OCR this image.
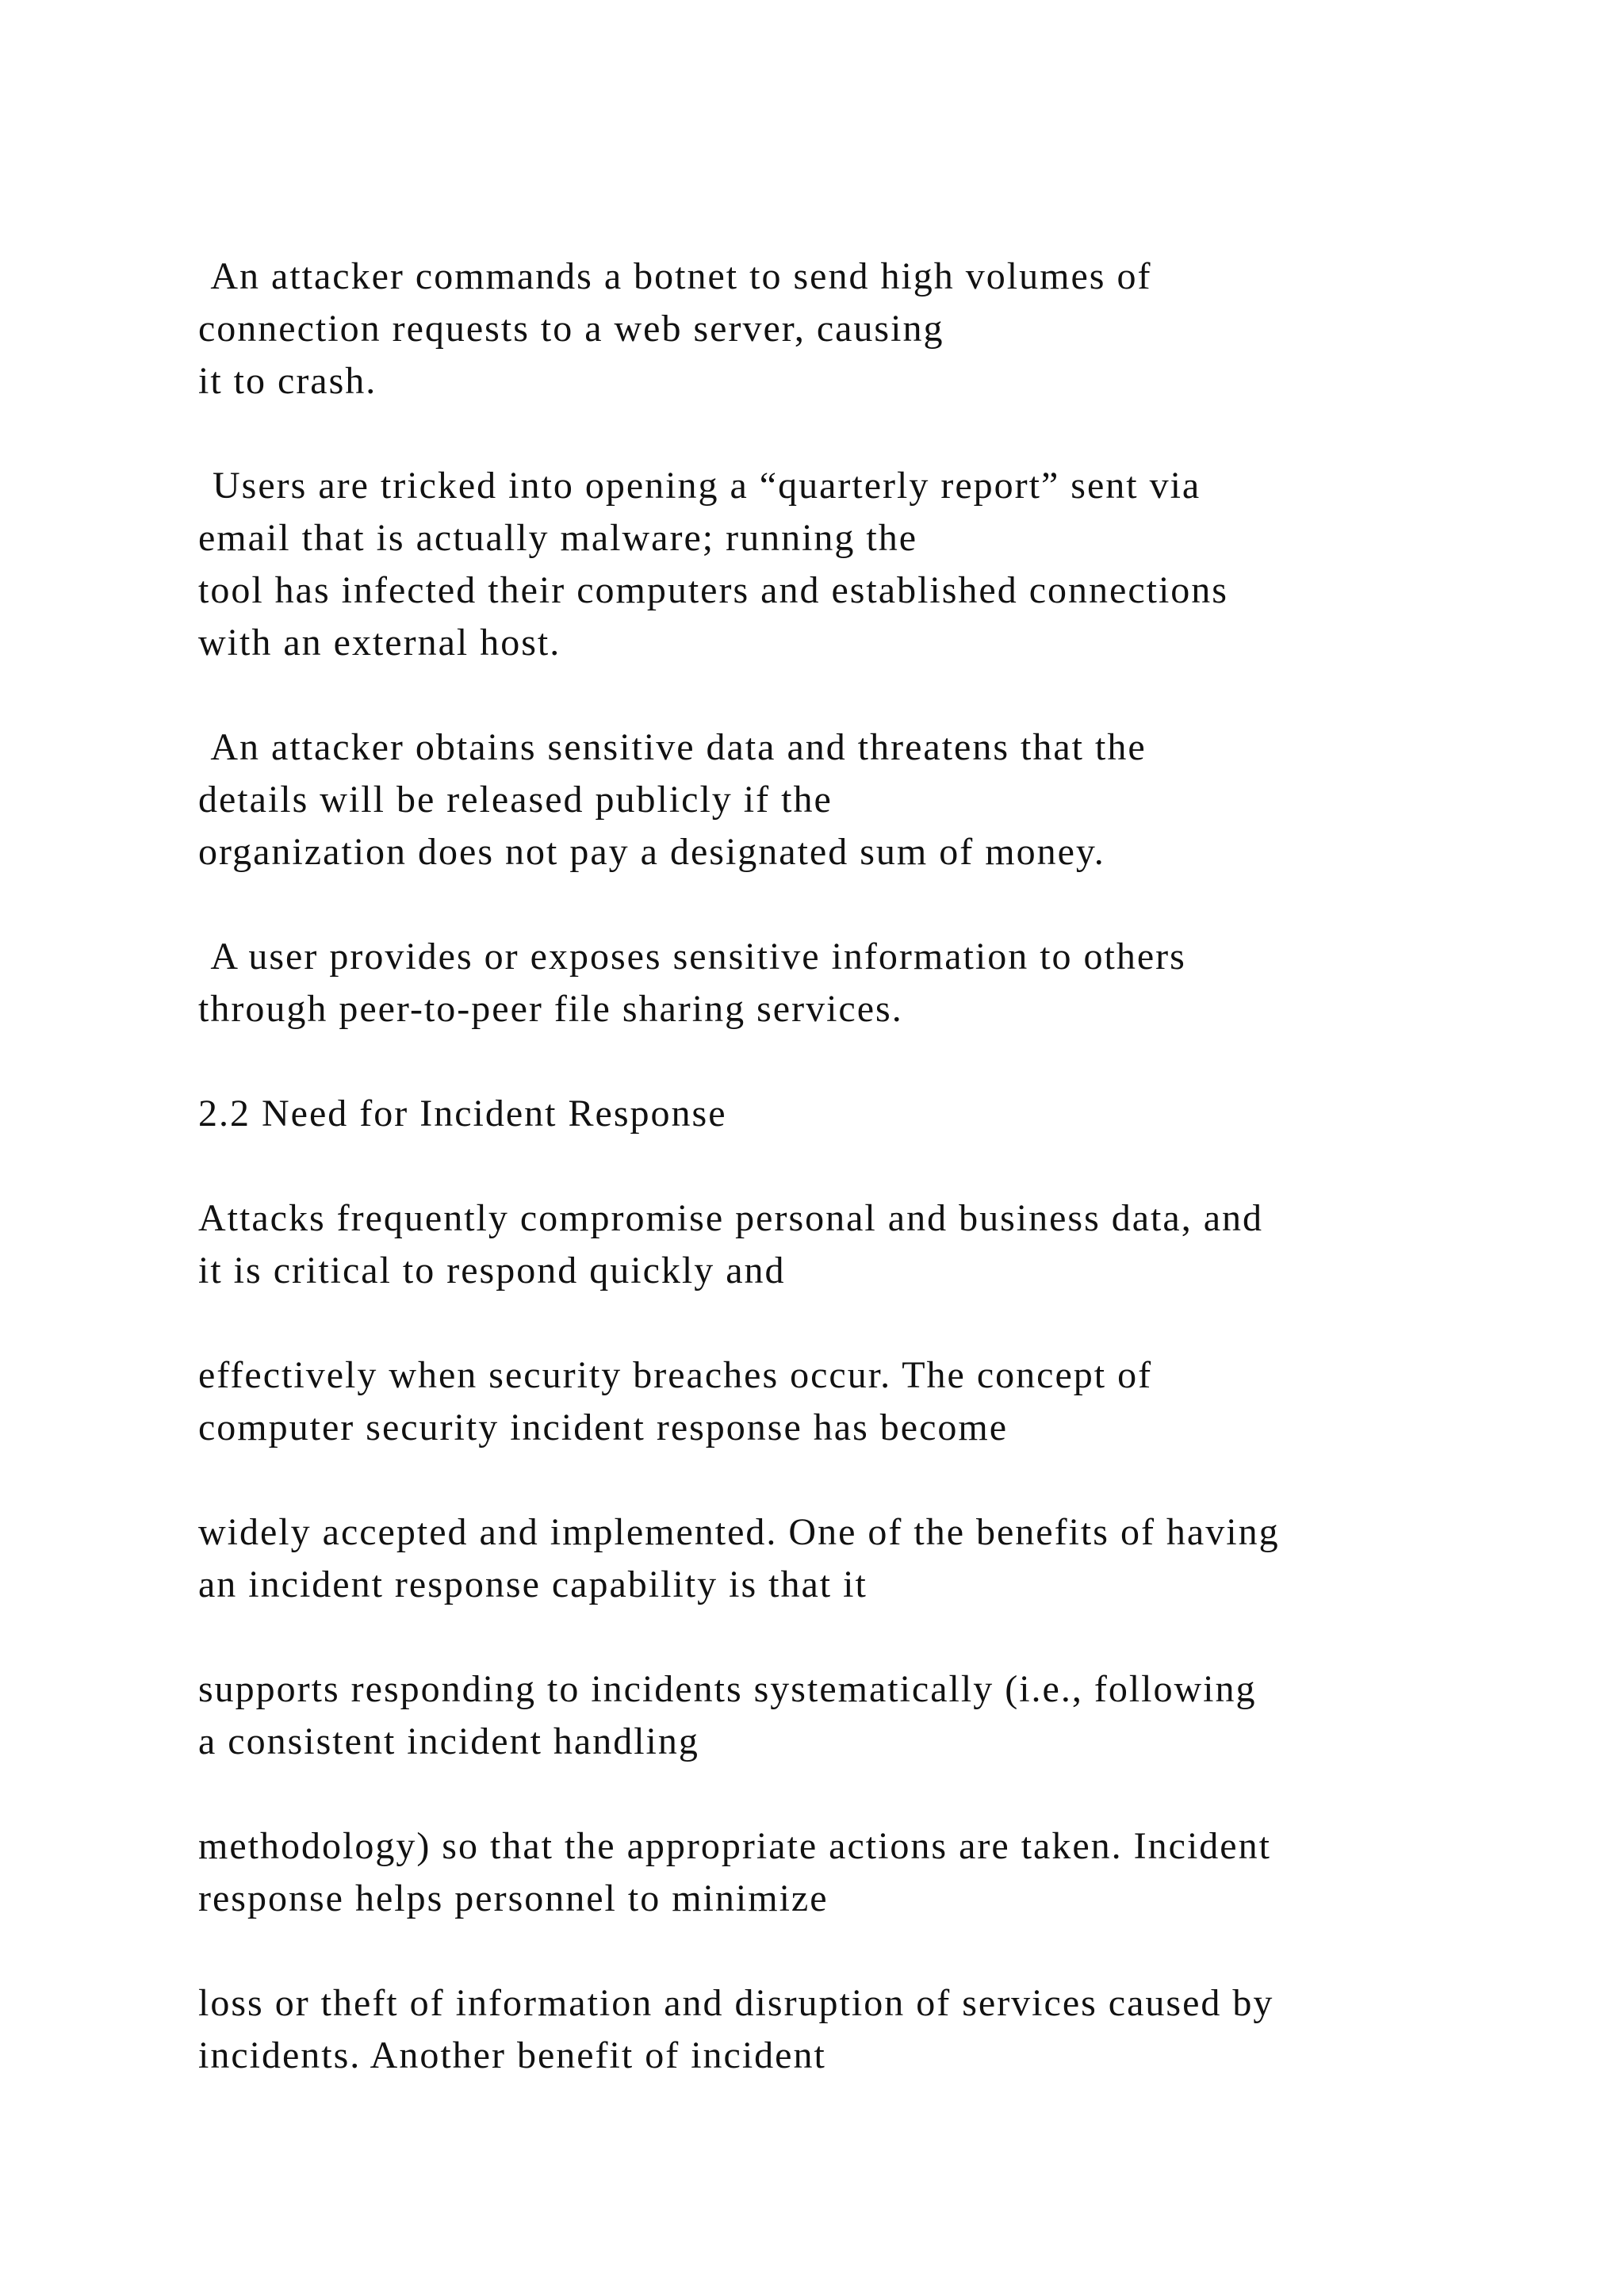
An attacker commands a botnet to send high volumes of
connection requests to a web server, causing
it to crash.
Users are tricked into opening a “quarterly report” sent via
email that is actually malware; running the
tool has infected their computers and established connections
with an external host.
An attacker obtains sensitive data and threatens that the
details will be released publicly if the
organization does not pay a designated sum of money.
A user provides or exposes sensitive information to others
through peer-to-peer file sharing services.
2.2 Need for Incident Response
Attacks frequently compromise personal and business data, and
it is critical to respond quickly and
effectively when security breaches occur. The concept of
computer security incident response has become
widely accepted and implemented. One of the benefits of having
an incident response capability is that it
supports responding to incidents systematically (i.e., following
a consistent incident handling
methodology) so that the appropriate actions are taken. Incident
response helps personnel to minimize
loss or theft of information and disruption of services caused by
incidents. Another benefit of incident
